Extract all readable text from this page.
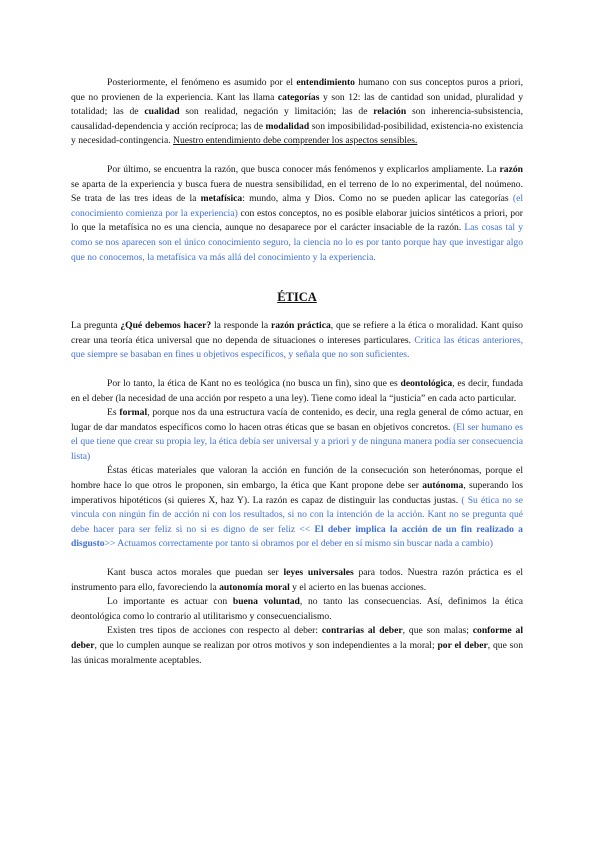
Posteriormente, el fenómeno es asumido por el entendimiento humano con sus conceptos puros a priori, que no provienen de la experiencia. Kant las llama categorías y son 12: las de cantidad son unidad, pluralidad y totalidad; las de cualidad son realidad, negación y limitación; las de relación son inherencia-subsistencia, causalidad-dependencia y acción recíproca; las de modalidad son imposibilidad-posibilidad, existencia-no existencia y necesidad-contingencia. Nuestro entendimiento debe comprender los aspectos sensibles.

Por último, se encuentra la razón, que busca conocer más fenómenos y explicarlos ampliamente. La razón se aparta de la experiencia y busca fuera de nuestra sensibilidad, en el terreno de lo no experimental, del noúmeno. Se trata de las tres ideas de la metafísica: mundo, alma y Dios. Como no se pueden aplicar las categorías (el conocimiento comienza por la experiencia) con estos conceptos, no es posible elaborar juicios sintéticos a priori, por lo que la metafísica no es una ciencia, aunque no desaparece por el carácter insaciable de la razón. Las cosas tal y como se nos aparecen son el único conocimiento seguro, la ciencia no lo es por tanto porque hay que investigar algo que no conocemos, la metafísica va más allá del conocimiento y la experiencia.

ÉTICA

La pregunta ¿Qué debemos hacer? la responde la razón práctica, que se refiere a la ética o moralidad. Kant quiso crear una teoría ética universal que no dependa de situaciones o intereses particulares. Critica las éticas anteriores, que siempre se basaban en fines u objetivos específicos, y señala que no son suficientes.

Por lo tanto, la ética de Kant no es teológica (no busca un fin), sino que es deontológica, es decir, fundada en el deber (la necesidad de una acción por respeto a una ley). Tiene como ideal la “justicia” en cada acto particular.

Es formal, porque nos da una estructura vacía de contenido, es decir, una regla general de cómo actuar, en lugar de dar mandatos específicos como lo hacen otras éticas que se basan en objetivos concretos. (El ser humano es el que tiene que crear su propia ley, la ética debía ser universal y a priori y de ninguna manera podía ser consecuencia lista)

Éstas éticas materiales que valoran la acción en función de la consecución son heterónomas, porque el hombre hace lo que otros le proponen, sin embargo, la ética que Kant propone debe ser autónoma, superando los imperativos hipotéticos (si quieres X, haz Y). La razón es capaz de distinguir las conductas justas. ( Su ética no se vincula con ningún fin de acción ni con los resultados, si no con la intención de la acción. Kant no se pregunta qué debe hacer para ser feliz si no si es digno de ser feliz << El deber implica la acción de un fin realizado a disgusto>> Actuamos correctamente por tanto si obramos por el deber en sí mismo sin buscar nada a cambio)

Kant busca actos morales que puedan ser leyes universales para todos. Nuestra razón práctica es el instrumento para ello, favoreciendo la autonomía moral y el acierto en las buenas acciones.

Lo importante es actuar con buena voluntad, no tanto las consecuencias. Así, definimos la ética deontológica como lo contrario al utilitarismo y consecuencialismo.

Existen tres tipos de acciones con respecto al deber: contrarias al deber, que son malas; conforme al deber, que lo cumplen aunque se realizan por otros motivos y son independientes a la moral; por el deber, que son las únicas moralmente aceptables.
